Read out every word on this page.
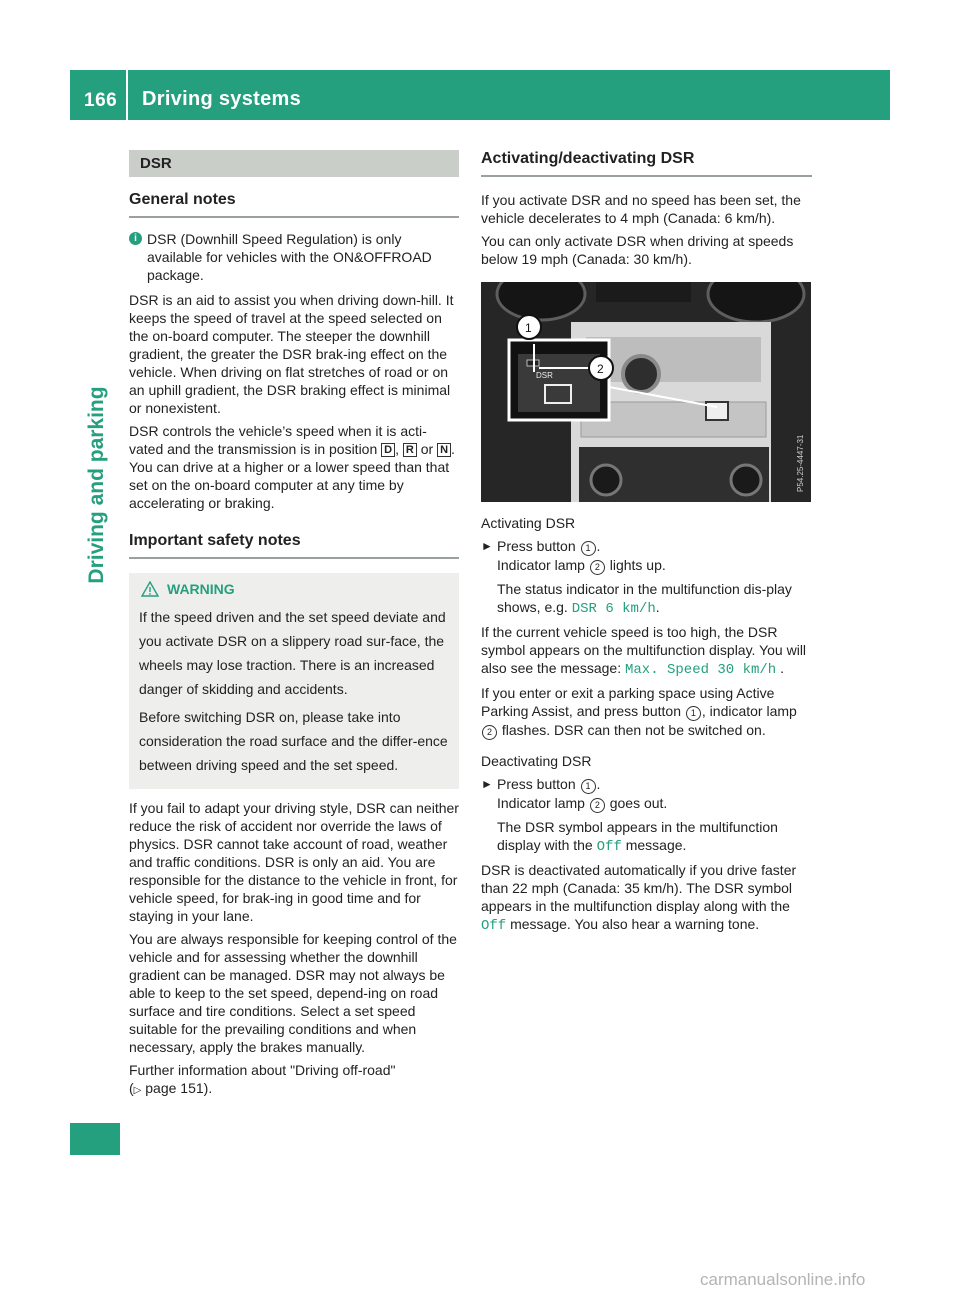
166 Driving systems
Driving and parking
DSR
General notes
i DSR (Downhill Speed Regulation) is only available for vehicles with the ON&OFFROAD package.

DSR is an aid to assist you when driving down-hill. It keeps the speed of travel at the speed selected on the on-board computer. The steeper the downhill gradient, the greater the DSR brak-ing effect on the vehicle. When driving on flat stretches of road or on an uphill gradient, the DSR braking effect is minimal or nonexistent.

DSR controls the vehicle’s speed when it is acti-vated and the transmission is in position D , R or N . You can drive at a higher or a lower speed than that set on the on-board computer at any time by accelerating or braking.

Important safety notes
WARNING

If the speed driven and the set speed deviate and you activate DSR on a slippery road sur-face, the wheels may lose traction. There is an increased danger of skidding and accidents.

Before switching DSR on, please take into consideration the road surface and the differ-ence between driving speed and the set speed.

If you fail to adapt your driving style, DSR can neither reduce the risk of accident nor override the laws of physics. DSR cannot take account of road, weather and traffic conditions. DSR is only an aid. You are responsible for the distance to the vehicle in front, for vehicle speed, for brak-ing in good time and for staying in your lane.

You are always responsible for keeping control of the vehicle and for assessing whether the downhill gradient can be managed. DSR may not always be able to keep to the set speed, depend-ing on road surface and tire conditions. Select a set speed suitable for the prevailing conditions and when necessary, apply the brakes manually.

Further information about "Driving off-road"
(▷ page 151).

Activating/deactivating DSR

If you activate DSR and no speed has been set, the vehicle decelerates to 4 mph (Canada: 6 km/h).

You can only activate DSR when driving at speeds below 19 mph (Canada: 30 km/h).

DSR
1
2
P54.25-4447-31

Activating DSR

► Press button 1 .
Indicator lamp 2 lights up.

The status indicator in the multifunction dis-play shows, e.g. DSR 6 km/h.

If the current vehicle speed is too high, the DSR symbol appears on the multifunction display. You will also see the message: Max. Speed 30 km/h .

If you enter or exit a parking space using Active Parking Assist, and press button 1 , indicator lamp 2 flashes. DSR can then not be switched on.

Deactivating DSR

► Press button 1 .
Indicator lamp 2 goes out.

The DSR symbol appears in the multifunction display with the Off message.

DSR is deactivated automatically if you drive faster than 22 mph (Canada: 35 km/h). The DSR symbol appears in the multifunction display along with the Off message. You also hear a warning tone.

carmanualsonline.info
